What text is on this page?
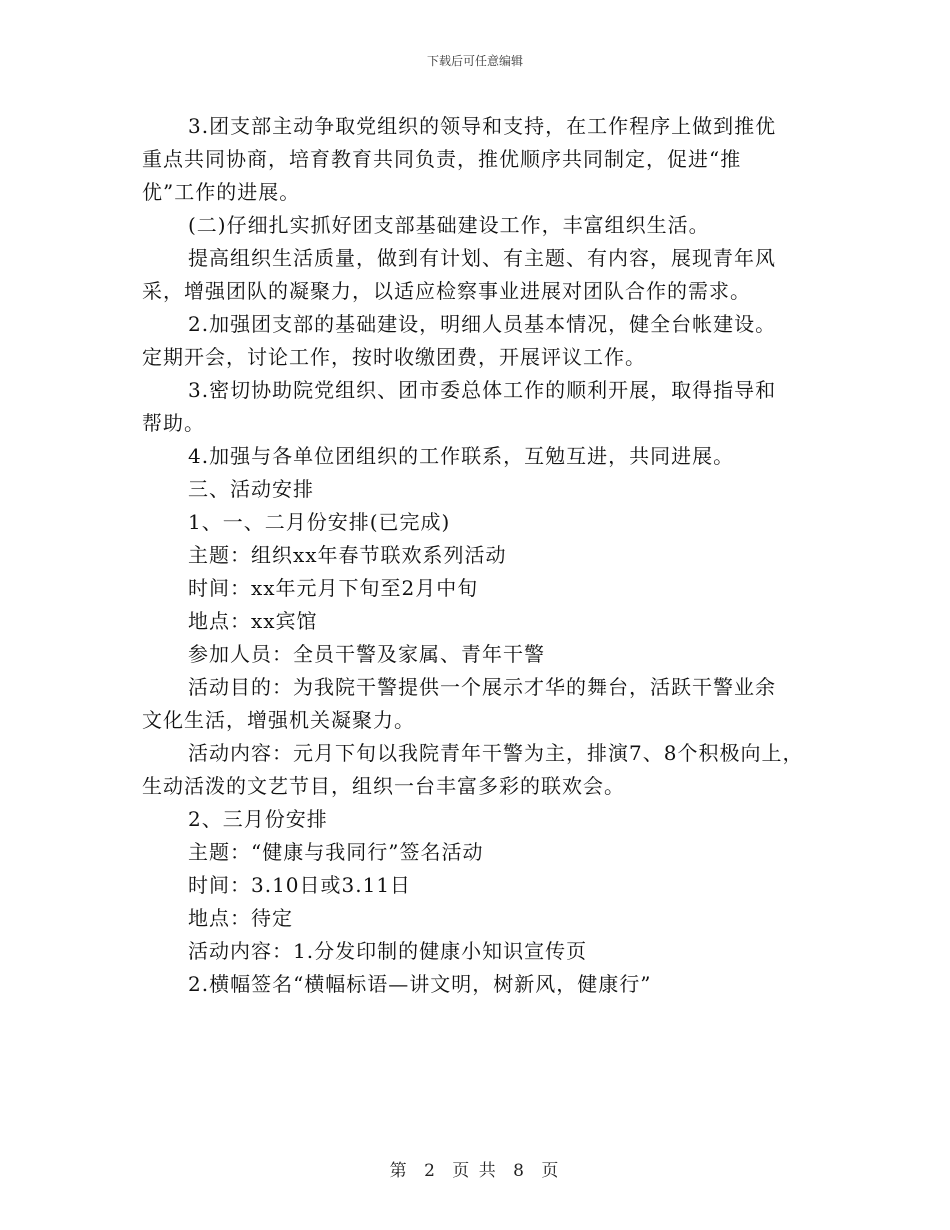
下载后可任意编辑

3.团支部主动争取党组织的领导和支持，在工作程序上做到推优

重点共同协商，培育教育共同负责，推优顺序共同制定，促进“推

优”工作的进展。

(二)仔细扎实抓好团支部基础建设工作，丰富组织生活。

提高组织生活质量，做到有计划、有主题、有内容，展现青年风

采，增强团队的凝聚力，以适应检察事业进展对团队合作的需求。

2.加强团支部的基础建设，明细人员基本情况，健全台帐建设。

定期开会，讨论工作，按时收缴团费，开展评议工作。

3.密切协助院党组织、团市委总体工作的顺利开展，取得指导和

帮助。

4.加强与各单位团组织的工作联系，互勉互进，共同进展。

三、活动安排

1、一、二月份安排(已完成)

主题：组织xx年春节联欢系列活动

时间：xx年元月下旬至2月中旬

地点：xx宾馆

参加人员：全员干警及家属、青年干警

活动目的：为我院干警提供一个展示才华的舞台，活跃干警业余

文化生活，增强机关凝聚力。

活动内容：元月下旬以我院青年干警为主，排演7、8个积极向上，

生动活泼的文艺节目，组织一台丰富多彩的联欢会。

2、三月份安排

主题：“健康与我同行”签名活动

时间：3.10日或3.11日

地点：待定

活动内容：1.分发印制的健康小知识宣传页

2.横幅签名“横幅标语—讲文明，树新风，健康行”

第 2 页 共 8 页
